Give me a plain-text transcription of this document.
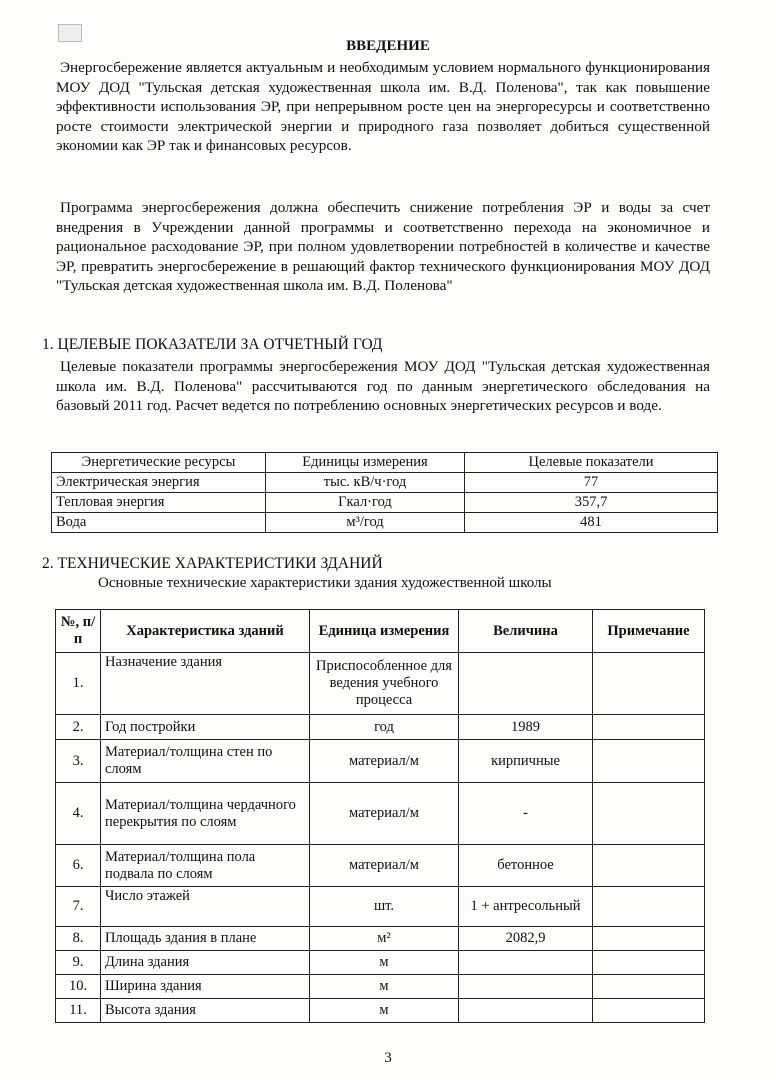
ВВЕДЕНИЕ
Энергосбережение является актуальным и необходимым условием нормального функционирования МОУ ДОД "Тульская детская художественная школа им. В.Д. Поленова", так как повышение эффективности использования ЭР, при непрерывном росте цен на энергоресурсы и соответственно росте стоимости электрической энергии и природного газа позволяет добиться существенной экономии как ЭР так и финансовых ресурсов.
Программа энергосбережения должна обеспечить снижение потребления ЭР и воды за счет внедрения в Учреждении данной программы и соответственно перехода на экономичное и рациональное расходование ЭР, при полном удовлетворении потребностей в количестве и качестве ЭР, превратить энергосбережение в решающий фактор технического функционирования МОУ ДОД "Тульская детская художественная школа им. В.Д. Поленова"
1. ЦЕЛЕВЫЕ ПОКАЗАТЕЛИ ЗА ОТЧЕТНЫЙ ГОД
Целевые показатели программы энергосбережения МОУ ДОД "Тульская детская художественная школа им. В.Д. Поленова" рассчитываются год по данным энергетического обследования на базовый 2011 год. Расчет ведется по потреблению основных энергетических ресурсов и воде.
Энергетические ресурсы	Единицы измерения	Целевые показатели
Электрическая энергия	тыс. кВ/ч·год	77
Тепловая энергия	Гкал·год	357,7
Вода	м³/год	481
2. ТЕХНИЧЕСКИЕ ХАРАКТЕРИСТИКИ ЗДАНИЙ
Основные технические характеристики здания художественной школы
№, п/п	Характеристика зданий	Единица измерения	Величина	Примечание
1.	Назначение здания	Приспособленное для ведения учебного процесса		
2.	Год постройки	год	1989	
3.	Материал/толщина стен по слоям	материал/м	кирпичные	
4.	Материал/толщина чердачного перекрытия по слоям	материал/м	-	
6.	Материал/толщина пола подвала по слоям	материал/м	бетонное	
7.	Число этажей	шт.	1 + антресольный	
8.	Площадь здания в плане	м²	2082,9	
9.	Длина здания	м		
10.	Ширина здания	м		
11.	Высота здания	м		
3
